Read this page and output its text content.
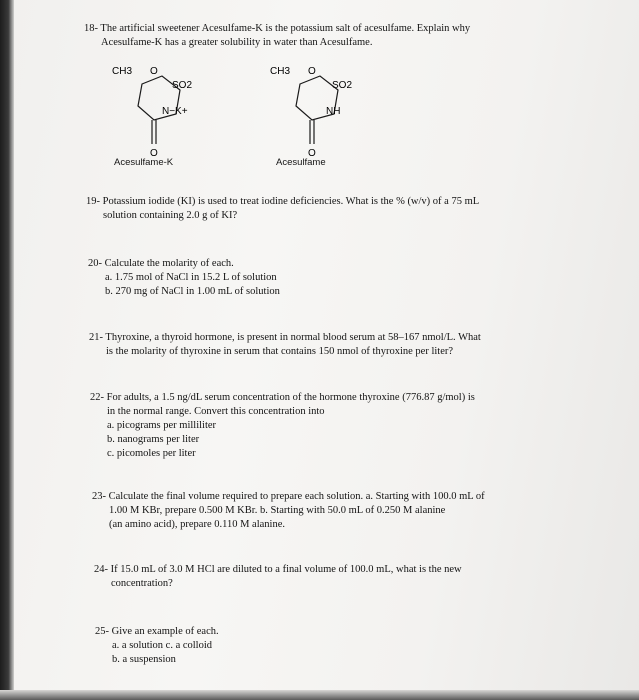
18- The artificial sweetener Acesulfame-K is the potassium salt of acesulfame. Explain why
Acesulfame-K has a greater solubility in water than Acesulfame.
CH3 O
SO2
N−K+
O
CH3 O
SO2
NH
O
Acesulfame-K	Acesulfame
19- Potassium iodide (KI) is used to treat iodine deficiencies. What is the % (w/v) of a 75 mL
solution containing 2.0 g of KI?
20- Calculate the molarity of each.
a. 1.75 mol of NaCl in 15.2 L of solution
b. 270 mg of NaCl in 1.00 mL of solution
21- Thyroxine, a thyroid hormone, is present in normal blood serum at 58–167 nmol/L. What
is the molarity of thyroxine in serum that contains 150 nmol of thyroxine per liter?
22- For adults, a 1.5 ng/dL serum concentration of the hormone thyroxine (776.87 g/mol) is
in the normal range. Convert this concentration into
a. picograms per milliliter
b. nanograms per liter
c. picomoles per liter
23- Calculate the final volume required to prepare each solution. a. Starting with 100.0 mL of
1.00 M KBr, prepare 0.500 M KBr. b. Starting with 50.0 mL of 0.250 M alanine
(an amino acid), prepare 0.110 M alanine.
24- If 15.0 mL of 3.0 M HCl are diluted to a final volume of 100.0 mL, what is the new
concentration?
25- Give an example of each.
a. a solution c. a colloid
b. a suspension
